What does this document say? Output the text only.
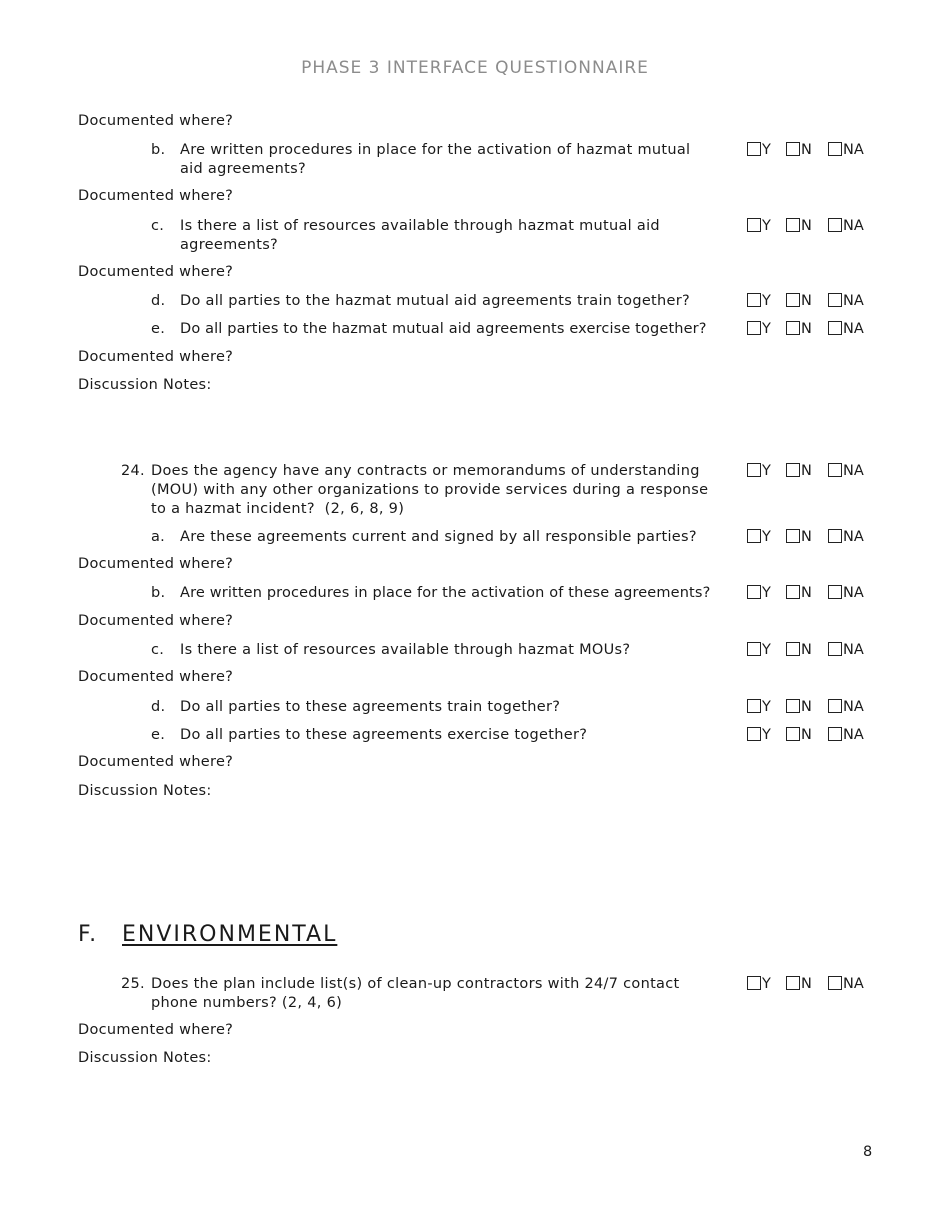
PHASE 3 INTERFACE QUESTIONNAIRE
Documented where?
b. Are written procedures in place for the activation of hazmat mutual
aid agreements?
Y	N	NA
Documented where?
c. Is there a list of resources available through hazmat mutual aid
agreements?
Y	N	NA
Documented where?
d. Do all parties to the hazmat mutual aid agreements train together?	Y	N	NA
e. Do all parties to the hazmat mutual aid agreements exercise together?	Y	N	NA
Documented where?
Discussion Notes:
24. Does the agency have any contracts or memorandums of understanding
(MOU) with any other organizations to provide services during a response
to a hazmat incident?  (2, 6, 8, 9)
Y	N	NA
a. Are these agreements current and signed by all responsible parties?	Y	N	NA
Documented where?
b. Are written procedures in place for the activation of these agreements?	Y	N	NA
Documented where?
c. Is there a list of resources available through hazmat MOUs?	Y	N	NA
Documented where?
d. Do all parties to these agreements train together?	Y	N	NA
e. Do all parties to these agreements exercise together?	Y	N	NA
Documented where?
Discussion Notes:
F. ENVIRONMENTAL
25. Does the plan include list(s) of clean-up contractors with 24/7 contact
phone numbers? (2, 4, 6)
Y	N	NA
Documented where?
Discussion Notes:
8
